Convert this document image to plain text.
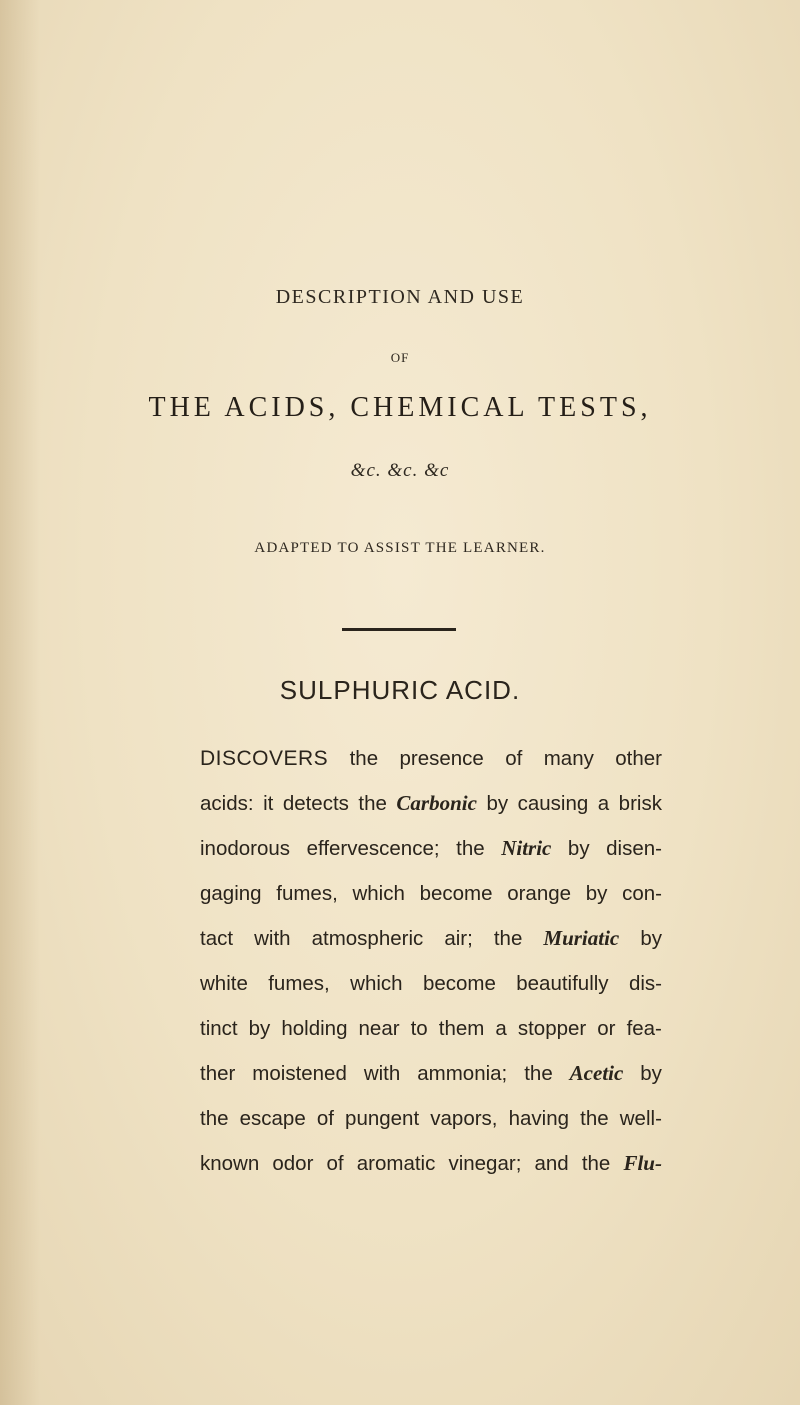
DESCRIPTION AND USE
OF
THE ACIDS, CHEMICAL TESTS,
&c. &c. &c
ADAPTED TO ASSIST THE LEARNER.
SULPHURIC ACID.
DISCOVERS the presence of many other
acids: it detects the Carbonic by causing a brisk
inodorous effervescence; the Nitric by disen-
gaging fumes, which become orange by con-
tact with atmospheric air; the Muriatic by
white fumes, which become beautifully dis-
tinct by holding near to them a stopper or fea-
ther moistened with ammonia; the Acetic by
the escape of pungent vapors, having the well-
known odor of aromatic vinegar; and the Flu-
